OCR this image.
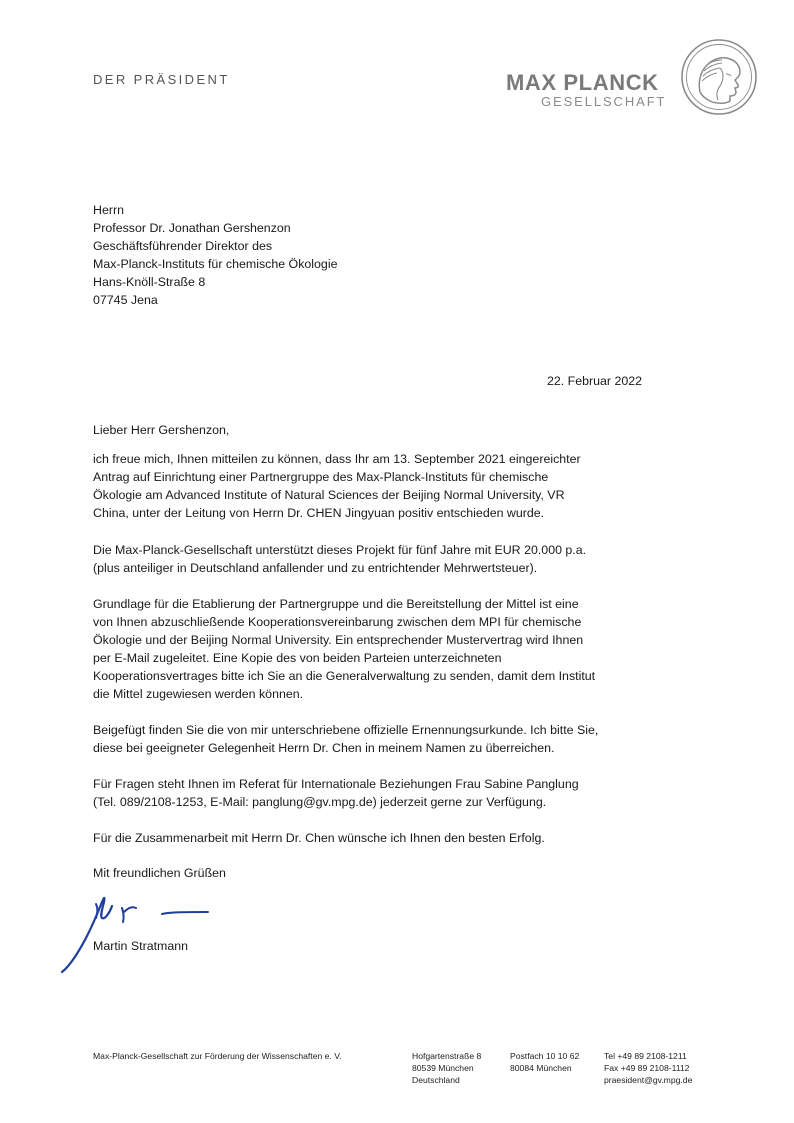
DER PRÄSIDENT	MAX PLANCK
GESELLSCHAFT
Herrn
Professor Dr. Jonathan Gershenzon
Geschäftsführender Direktor des
Max-Planck-Instituts für chemische Ökologie
Hans-Knöll-Straße 8
07745 Jena
22. Februar 2022
Lieber Herr Gershenzon,
ich freue mich, Ihnen mitteilen zu können, dass Ihr am 13. September 2021 eingereichter
Antrag auf Einrichtung einer Partnergruppe des Max-Planck-Instituts für chemische
Ökologie am Advanced Institute of Natural Sciences der Beijing Normal University, VR
China, unter der Leitung von Herrn Dr. CHEN Jingyuan positiv entschieden wurde.
Die Max-Planck-Gesellschaft unterstützt dieses Projekt für fünf Jahre mit EUR 20.000 p.a.
(plus anteiliger in Deutschland anfallender und zu entrichtender Mehrwertsteuer).
Grundlage für die Etablierung der Partnergruppe und die Bereitstellung der Mittel ist eine
von Ihnen abzuschließende Kooperationsvereinbarung zwischen dem MPI für chemische
Ökologie und der Beijing Normal University. Ein entsprechender Mustervertrag wird Ihnen
per E-Mail zugeleitet. Eine Kopie des von beiden Parteien unterzeichneten
Kooperationsvertrages bitte ich Sie an die Generalverwaltung zu senden, damit dem Institut
die Mittel zugewiesen werden können.
Beigefügt finden Sie die von mir unterschriebene offizielle Ernennungsurkunde. Ich bitte Sie,
diese bei geeigneter Gelegenheit Herrn Dr. Chen in meinem Namen zu überreichen.
Für Fragen steht Ihnen im Referat für Internationale Beziehungen Frau Sabine Panglung
(Tel. 089/2108-1253, E-Mail: panglung@gv.mpg.de) jederzeit gerne zur Verfügung.
Für die Zusammenarbeit mit Herrn Dr. Chen wünsche ich Ihnen den besten Erfolg.
Mit freundlichen Grüßen
Martin Stratmann
Max-Planck-Gesellschaft zur Förderung der Wissenschaften e. V.	Hofgartenstraße 8
80539 München
Deutschland
Postfach 10 10 62
80084 München
Tel +49 89 2108-1211
Fax +49 89 2108-1112
praesident@gv.mpg.de
